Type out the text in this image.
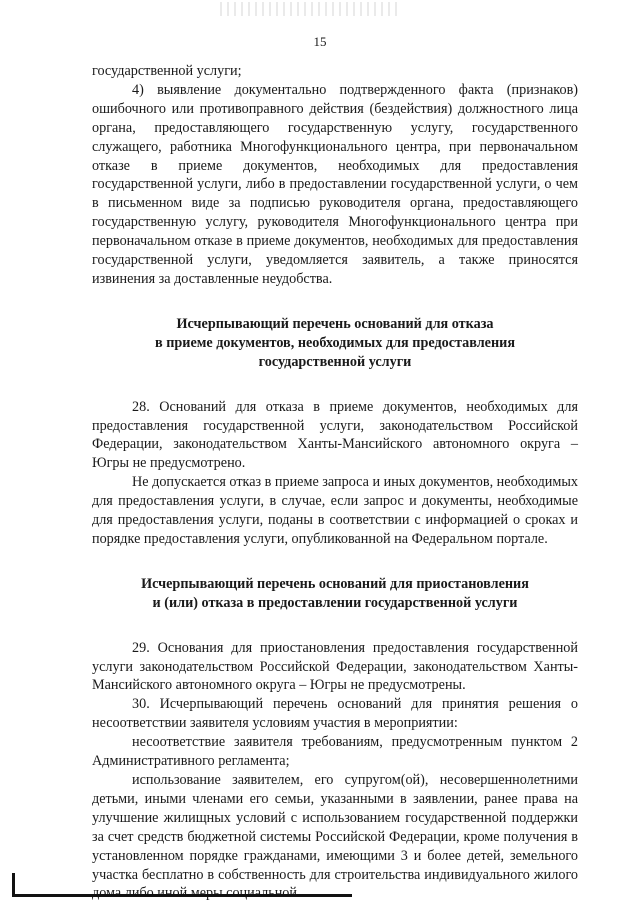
15

государственной услуги;

4) выявление документально подтвержденного факта (признаков) ошибочного или противоправного действия (бездействия) должностного лица органа, предоставляющего государственную услугу, государственного служащего, работника Многофункционального центра, при первоначальном отказе в приеме документов, необходимых для предоставления государственной услуги, либо в предоставлении государственной услуги, о чем в письменном виде за подписью руководителя органа, предоставляющего государственную услугу, руководителя Многофункционального центра при первоначальном отказе в приеме документов, необходимых для предоставления государственной услуги, уведомляется заявитель, а также приносятся извинения за доставленные неудобства.

Исчерпывающий перечень оснований для отказа

в приеме документов, необходимых для предоставления

государственной услуги

28. Оснований для отказа в приеме документов, необходимых для предоставления государственной услуги, законодательством Российской Федерации, законодательством Ханты-Мансийского автономного округа – Югры не предусмотрено.

Не допускается отказ в приеме запроса и иных документов, необходимых для предоставления услуги, в случае, если запрос и документы, необходимые для предоставления услуги, поданы в соответствии с информацией о сроках и порядке предоставления услуги, опубликованной на Федеральном портале.

Исчерпывающий перечень оснований для приостановления

и (или) отказа в предоставлении государственной услуги

29. Основания для приостановления предоставления государственной услуги законодательством Российской Федерации, законодательством Ханты-Мансийского автономного округа – Югры не предусмотрены.

30. Исчерпывающий перечень оснований для принятия решения о несоответствии заявителя условиям участия в мероприятии:

несоответствие заявителя требованиям, предусмотренным пунктом 2 Административного регламента;

использование заявителем, его супругом(ой), несовершеннолетними детьми, иными членами его семьи, указанными в заявлении, ранее права на улучшение жилищных условий с использованием государственной поддержки за счет средств бюджетной системы Российской Федерации, кроме получения в установленном порядке гражданами, имеющими 3 и более детей, земельного участка бесплатно в собственность для строительства индивидуального жилого
